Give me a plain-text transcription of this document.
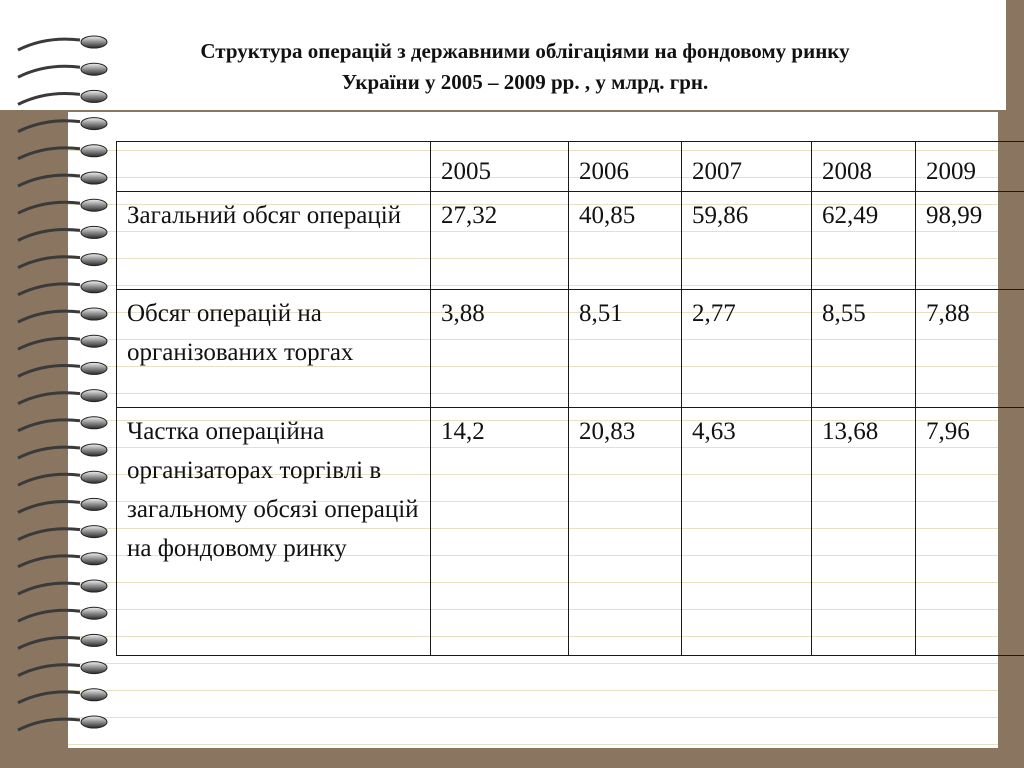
Структура операцій з державними облігаціями на фондовому ринку
України у 2005 – 2009 рр. , у млрд. грн.
	2005	2006	2007	2008	2009
Загальний обсяг операцій	27,32	40,85	59,86	62,49	98,99
Обсяг операцій на організованих торгах	3,88	8,51	2,77	8,55	7,88
Частка операційна організаторах торгівлі в загальному обсязі операцій на фондовому ринку	14,2	20,83	4,63	13,68	7,96
